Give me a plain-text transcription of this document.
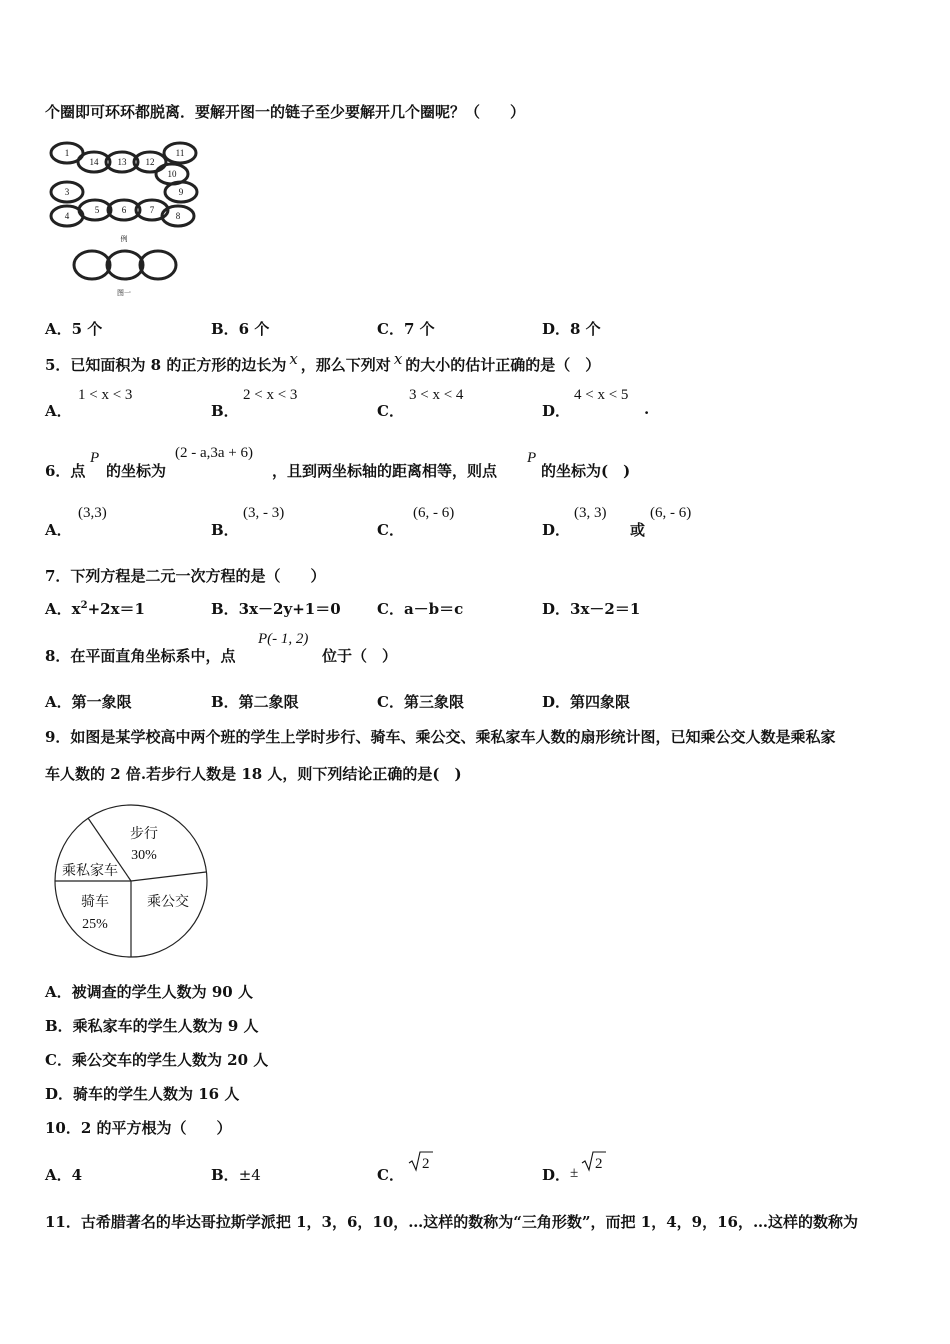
个圈即可环环都脱离．要解开图一的链子至少要解开几个圈呢？（　　）
1
14 13 12
11
10
3
4
5	6	7
8
9
例
图一
A．5 个	B．6 个	C．7 个	D．8 个
5．已知面积为 8 的正方形的边长为 x ，那么下列对 x 的大小的估计正确的是（　）
A．
1 < x < 3
B．
2 < x < 3
C．
3 < x < 4
D．
4 < x < 5
.
6．点
P
的坐标为
(2 - a,3a + 6)
，且到两坐标轴的距离相等，则点
P
的坐标为(　)
A．
(3,3)
B．
(3, - 3)
C．
(6, - 6)
D．
(3, 3)
或
(6, - 6)
7．下列方程是二元一次方程的是（　　）
A．$x^2+2x=1$	B．3x－2y+1＝0 C．a－b＝c	D．3x－2＝1
8．在平面直角坐标系中，点
P(- 1, 2)
位于（　）
A．第一象限	B．第二象限	C．第三象限	D．第四象限
9．如图是某学校高中两个班的学生上学时步行、骑车、乘公交、乘私家车人数的扇形统计图，已知乘公交人数是乘私家
车人数的 2 倍.若步行人数是 18 人，则下列结论正确的是(　)
步行
30%
乘公交
骑车
25%
乘私家车
A．被调查的学生人数为 90 人
B．乘私家车的学生人数为 9 人
C．乘公交车的学生人数为 20 人
D．骑车的学生人数为 16 人
10．2 的平方根为（　　）
A．4	B．±4	C．
2
D． ±
2
11．古希腊著名的毕达哥拉斯学派把 1，3，6，10，…这样的数称为“三角形数”，而把 1，4，9，16，…这样的数称为
